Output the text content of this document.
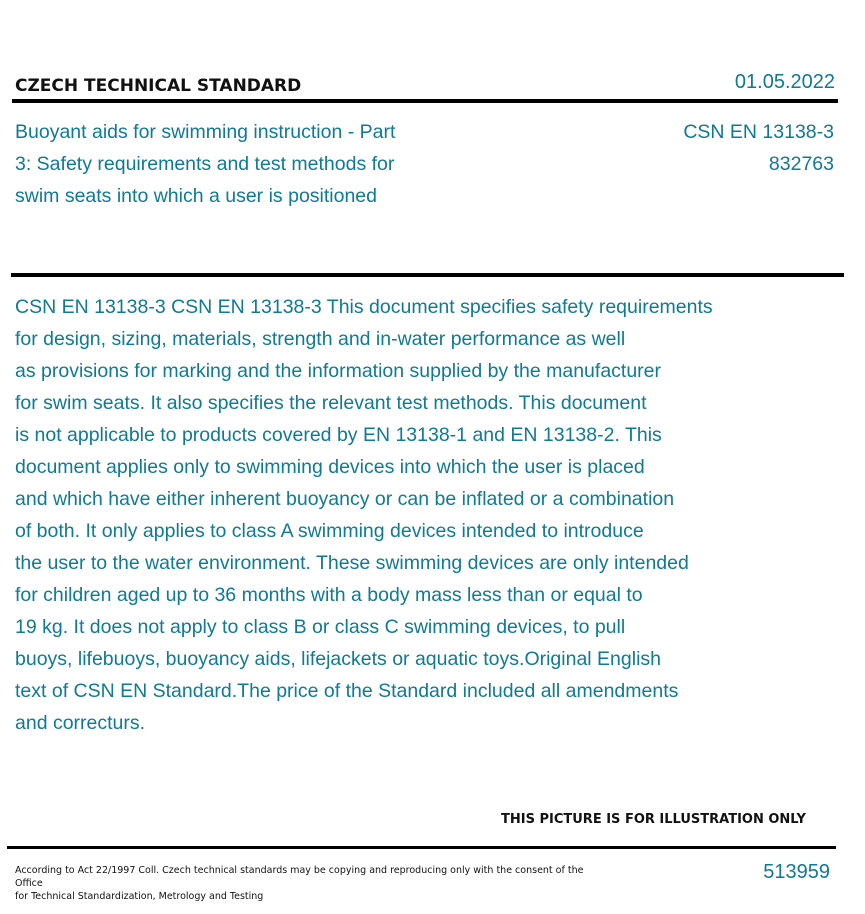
CZECH TECHNICAL STANDARD	01.05.2022
Buoyant aids for swimming instruction - Part
3: Safety requirements and test methods for
swim seats into which a user is positioned
CSN EN 13138-3
832763
CSN EN 13138-3 CSN EN 13138-3 This document specifies safety requirements
for design, sizing, materials, strength and in-water performance as well
as provisions for marking and the information supplied by the manufacturer
for swim seats. It also specifies the relevant test methods. This document
is not applicable to products covered by EN 13138-1 and EN 13138-2. This
document applies only to swimming devices into which the user is placed
and which have either inherent buoyancy or can be inflated or a combination
of both. It only applies to class A swimming devices intended to introduce
the user to the water environment. These swimming devices are only intended
for children aged up to 36 months with a body mass less than or equal to
19 kg. It does not apply to class B or class C swimming devices, to pull
buoys, lifebuoys, buoyancy aids, lifejackets or aquatic toys.Original English
text of CSN EN Standard.The price of the Standard included all amendments
and correcturs.
THIS PICTURE IS FOR ILLUSTRATION ONLY
According to Act 22/1997 Coll. Czech technical standards may be copying and reproducing only with the consent of the Office
for Technical Standardization, Metrology and Testing
513959
